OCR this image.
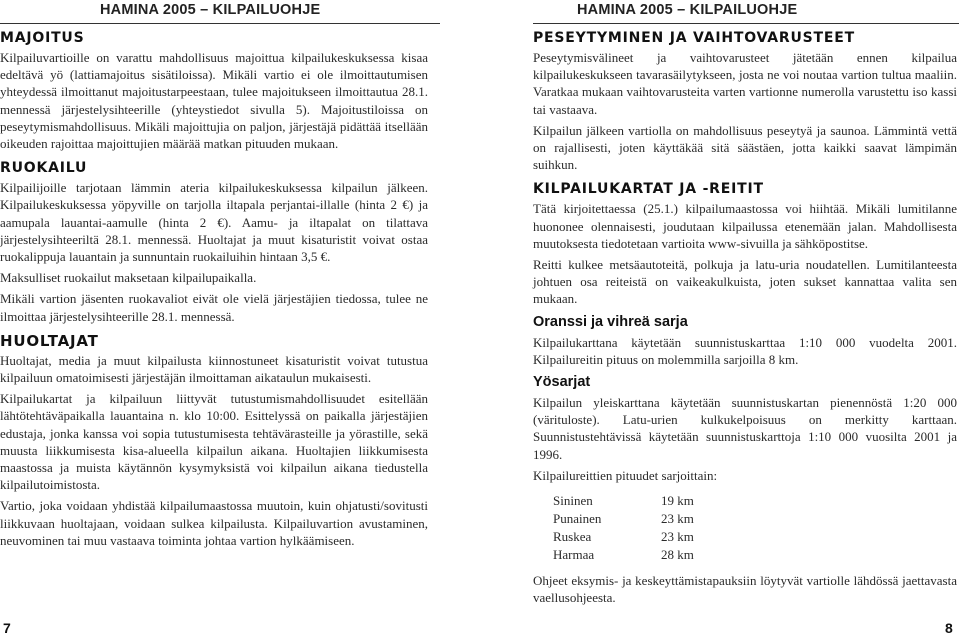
HAMINA 2005 – KILPAILUOHJE
MAJOITUS

Kilpailuvartioille on varattu mahdollisuus majoittua kilpailukeskuksessa kisaa edeltävä yö (lattiamajoitus sisätiloissa). Mikäli vartio ei ole ilmoittautumisen yhteydessä ilmoittanut majoitustarpeestaan, tulee majoitukseen ilmoittautua 28.1. mennessä järjestelysihteerille (yhteystiedot sivulla 5). Majoitustiloissa on peseytymismahdollisuus. Mikäli majoittujia on paljon, järjestäjä pidättää itsellään oikeuden rajoittaa majoittujien määrää matkan pituuden mukaan.

RUOKAILU

Kilpailijoille tarjotaan lämmin ateria kilpailukeskuksessa kilpailun jälkeen. Kilpailukeskuksessa yöpyville on tarjolla iltapala perjantai-illalle (hinta 2 €) ja aamupala lauantai-aamulle (hinta 2 €). Aamu- ja iltapalat on tilattava järjestelysihteeriltä 28.1. mennessä. Huoltajat ja muut kisaturistit voivat ostaa ruokalippuja lauantain ja sunnuntain ruokailuihin hintaan 3,5 €.

Maksulliset ruokailut maksetaan kilpailupaikalla.

Mikäli vartion jäsenten ruokavaliot eivät ole vielä järjestäjien tiedossa, tulee ne ilmoittaa järjestelysihteerille 28.1. mennessä.

HUOLTAJAT

Huoltajat, media ja muut kilpailusta kiinnostuneet kisaturistit voivat tutustua kilpailuun omatoimisesti järjestäjän ilmoittaman aikataulun mukaisesti.

Kilpailukartat ja kilpailuun liittyvät tutustumismahdollisuudet esitellään lähtötehtäväpaikalla lauantaina n. klo 10:00. Esittelyssä on paikalla järjestäjien edustaja, jonka kanssa voi sopia tutustumisesta tehtävärasteille ja yörastille, sekä muusta liikkumisesta kisa-alueella kilpailun aikana. Huoltajien liikkumisesta maastossa ja muista käytännön kysymyksistä voi kilpailun aikana tiedustella kilpailutoimistosta.

Vartio, joka voidaan yhdistää kilpailumaastossa muutoin, kuin ohjatusti/sovitusti liikkuvaan huoltajaan, voidaan sulkea kilpailusta. Kilpailuvartion avustaminen, neuvominen tai muu vastaava toiminta johtaa vartion hylkäämiseen.

HAMINA 2005 – KILPAILUOHJE
PESEYTYMINEN JA VAIHTOVARUSTEET

Peseytymisvälineet ja vaihtovarusteet jätetään ennen kilpailua kilpailukeskukseen tavarasäilytykseen, josta ne voi noutaa vartion tultua maaliin. Varatkaa mukaan vaihtovarusteita varten vartionne numerolla varustettu iso kassi tai vastaava.

Kilpailun jälkeen vartiolla on mahdollisuus peseytyä ja saunoa. Lämmintä vettä on rajallisesti, joten käyttäkää sitä säästäen, jotta kaikki saavat lämpimän suihkun.

KILPAILUKARTAT JA -REITIT

Tätä kirjoitettaessa (25.1.) kilpailumaastossa voi hiihtää. Mikäli lumitilanne huononee olennaisesti, joudutaan kilpailussa etenemään jalan. Mahdollisesta muutoksesta tiedotetaan vartioita www-sivuilla ja sähköpostitse.

Reitti kulkee metsäautoteitä, polkuja ja latu-uria noudatellen. Lumitilanteesta johtuen osa reiteistä on vaikeakulkuista, joten sukset kannattaa valita sen mukaan.

Oranssi ja vihreä sarja

Kilpailukarttana käytetään suunnistuskarttaa 1:10 000 vuodelta 2001. Kilpailureitin pituus on molemmilla sarjoilla 8 km.

Yösarjat

Kilpailun yleiskarttana käytetään suunnistuskartan pienennöstä 1:20 000 (värituloste). Latu-urien kulkukelpoisuus on merkitty karttaan. Suunnistustehtävissä käytetään suunnistuskarttoja 1:10 000 vuosilta 2001 ja 1996.

Kilpailureittien pituudet sarjoittain:

Sininen	19 km
Punainen	23 km
Ruskea	23 km
Harmaa	28 km

Ohjeet eksymis- ja keskeyttämistapauksiin löytyvät vartiolle lähdössä jaettavasta vaellusohjeesta.

7	8
